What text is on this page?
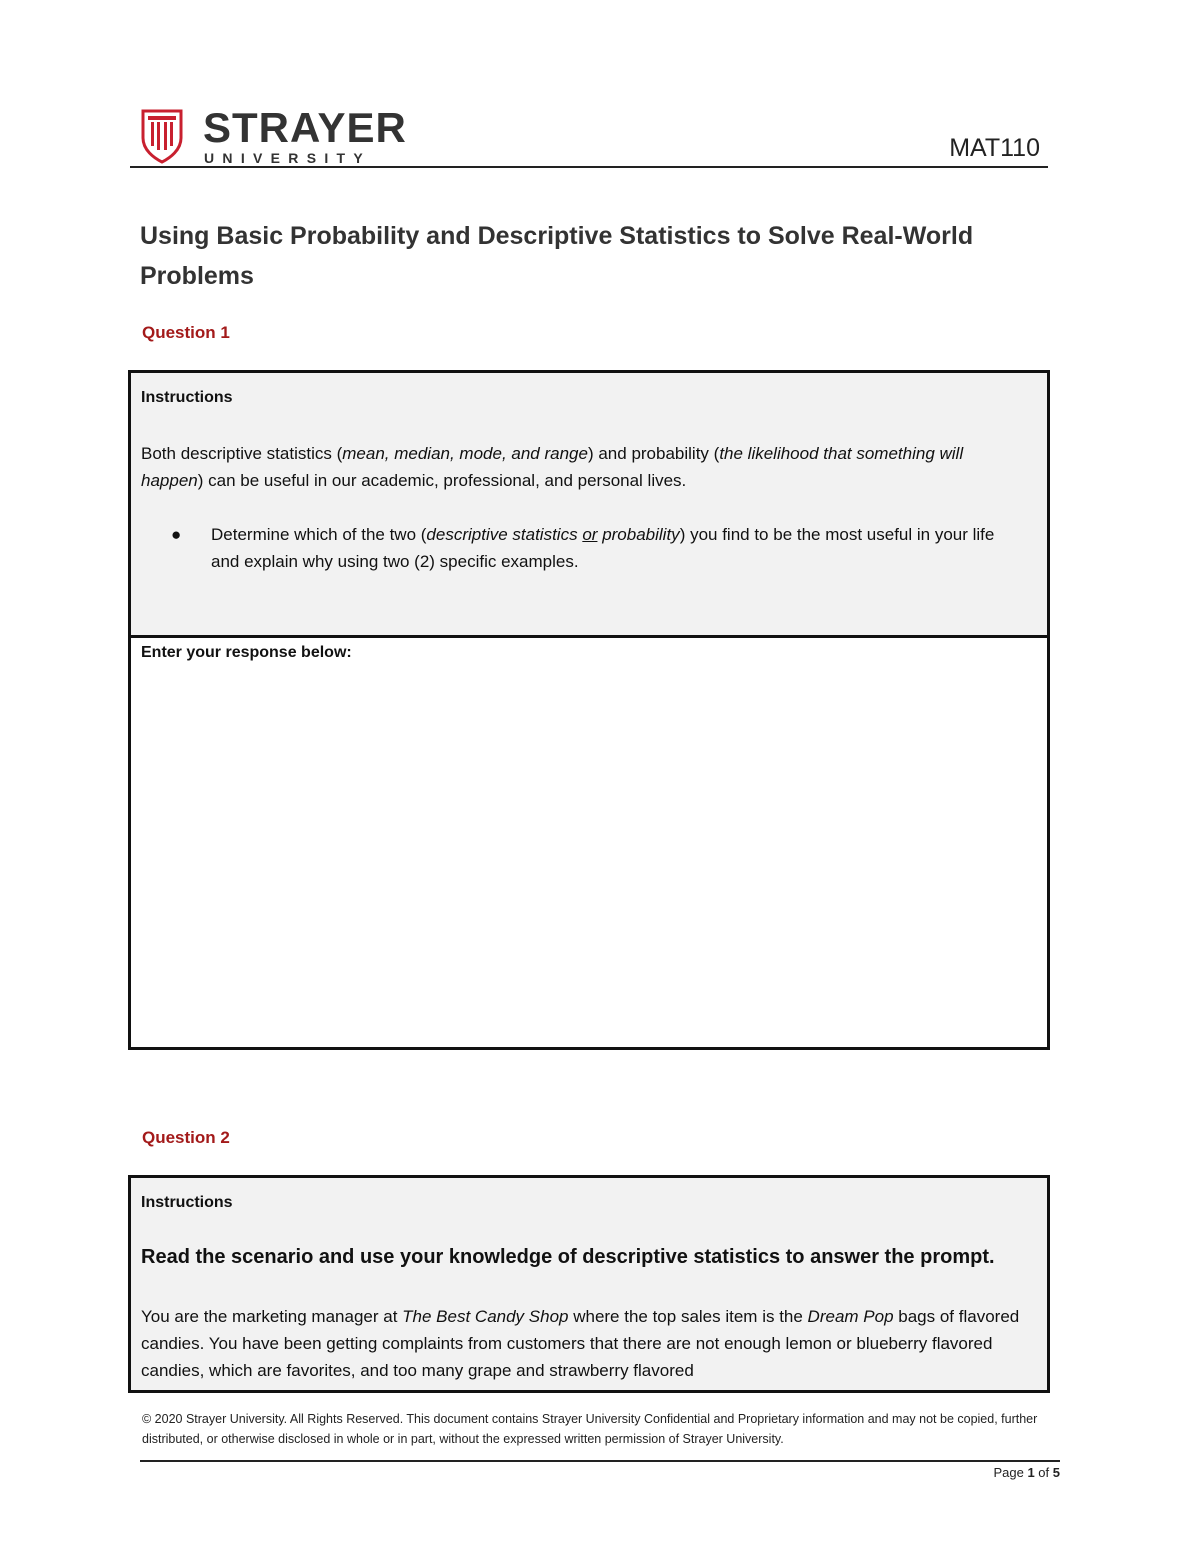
STRAYER
UNIVERSITY	MAT110
Using Basic Probability and Descriptive Statistics to Solve Real-World Problems
Question 1
Instructions
Both descriptive statistics (mean, median, mode, and range) and probability (the likelihood that something will happen) can be useful in our academic, professional, and personal lives.
● Determine which of the two (descriptive statistics or probability) you find to be the most useful in your life and explain why using two (2) specific examples.
Enter your response below:
Question 2
Instructions
Read the scenario and use your knowledge of descriptive statistics to answer the prompt.
You are the marketing manager at The Best Candy Shop where the top sales item is the Dream Pop bags of flavored candies. You have been getting complaints from customers that there are not enough lemon or blueberry flavored candies, which are favorites, and too many grape and strawberry flavored
© 2020 Strayer University. All Rights Reserved. This document contains Strayer University Confidential and Proprietary information and may not be copied, further distributed, or otherwise disclosed in whole or in part, without the expressed written permission of Strayer University.
Page 1 of 5
